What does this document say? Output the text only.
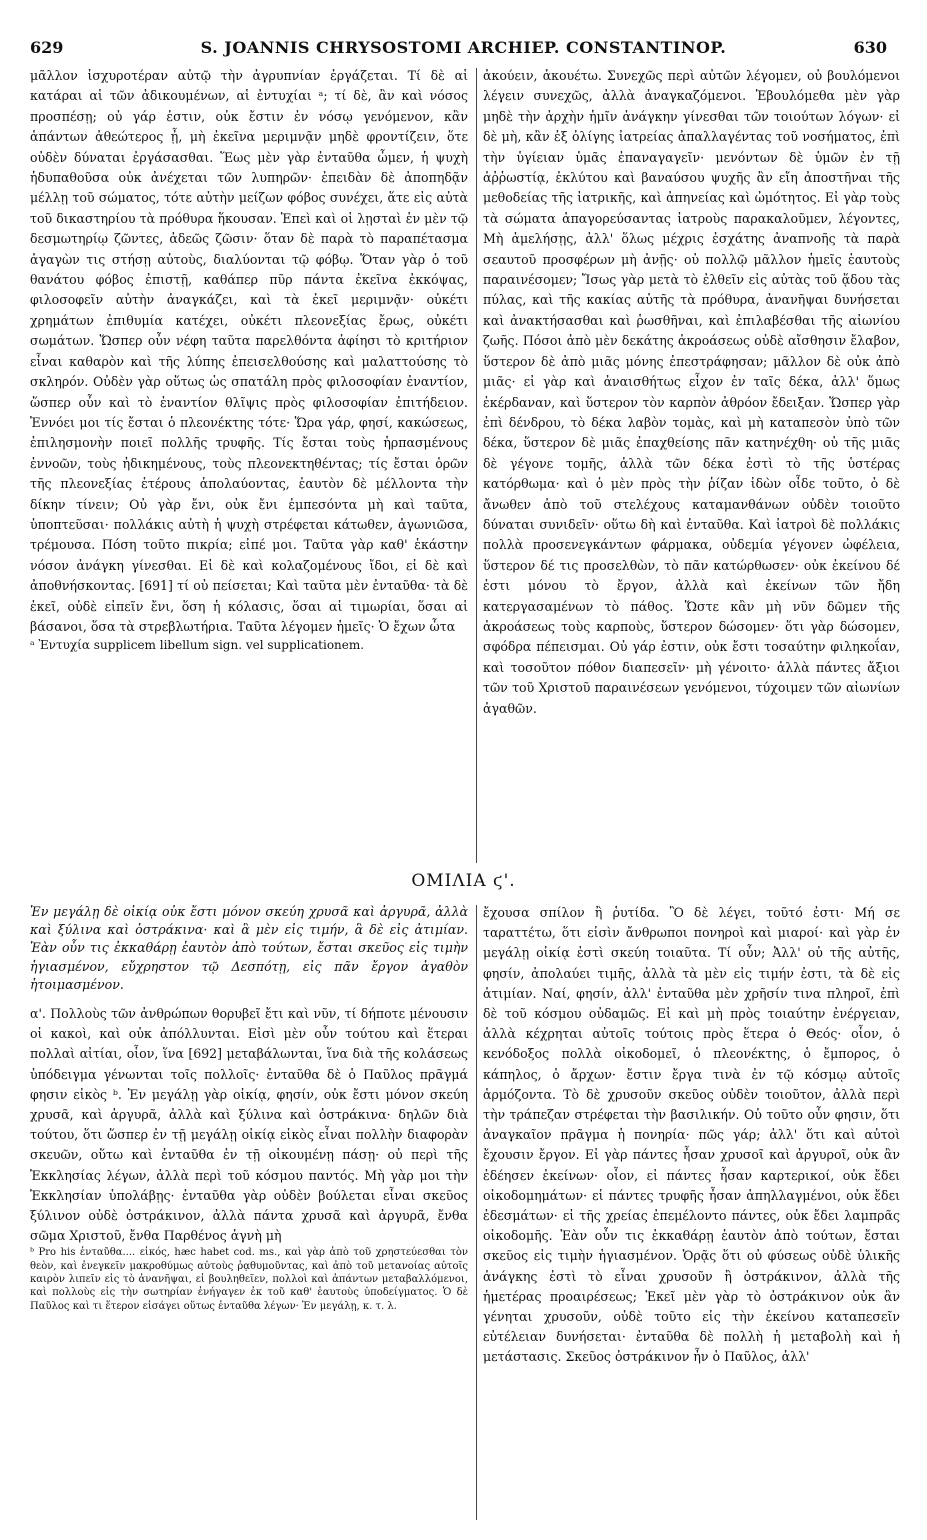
629	S. JOANNIS CHRYSOSTOMI ARCHIEP. CONSTANTINOP.	630

μᾶλλον ἰσχυροτέραν αὐτῷ τὴν ἀγρυπνίαν ἐργάζεται. Τί δὲ αἱ κατάραι αἱ τῶν ἀδικουμένων, αἱ ἐντυχίαι ᵃ; τί δὲ, ἂν καὶ νόσος προσπέσῃ; οὐ γάρ ἐστιν, οὐκ ἔστιν ἐν νόσῳ γενόμενον, κἂν ἁπάντων ἀθεώτερος ᾖ, μὴ ἐκεῖνα μεριμνᾷν μηδὲ φροντίζειν, ὅτε οὐδὲν δύναται ἐργάσασθαι. Ἕως μὲν γὰρ ἐνταῦθα ὦμεν, ἡ ψυχὴ ἡδυπαθοῦσα οὐκ ἀνέχεται τῶν λυπηρῶν· ἐπειδὰν δὲ ἀποπηδᾷν μέλλῃ τοῦ σώματος, τότε αὐτὴν μείζων φόβος συνέχει, ἅτε εἰς αὐτὰ τοῦ δικαστηρίου τὰ πρόθυρα ἥκουσαν. Ἐπεὶ καὶ οἱ λῃσταὶ ἐν μὲν τῷ δεσμωτηρίῳ ζῶντες, ἀδεῶς ζῶσιν· ὅταν δὲ παρὰ τὸ παραπέτασμα ἀγαγὼν τις στήσῃ αὐτοὺς, διαλύονται τῷ φόβῳ. Ὅταν γὰρ ὁ τοῦ θανάτου φόβος ἐπιστῇ, καθάπερ πῦρ πάντα ἐκεῖνα ἐκκόψας, φιλοσοφεῖν αὐτὴν ἀναγκάζει, καὶ τὰ ἐκεῖ μεριμνᾷν· οὐκέτι χρημάτων ἐπιθυμία κατέχει, οὐκέτι πλεονεξίας ἔρως, οὐκέτι σωμάτων. Ὥσπερ οὖν νέφη ταῦτα παρελθόντα ἀφίησι τὸ κριτήριον εἶναι καθαρὸν καὶ τῆς λύπης ἐπεισελθούσης καὶ μαλαττούσης τὸ σκληρόν. Οὐδὲν γὰρ οὕτως ὡς σπατάλη πρὸς φιλοσοφίαν ἐναντίον, ὥσπερ οὖν καὶ τὸ ἐναντίον θλῖψις πρὸς φιλοσοφίαν ἐπιτήδειον. Ἐννόει μοι τίς ἔσται ὁ πλεονέκτης τότε· Ὥρα γάρ, φησί, κακώσεως, ἐπιλησμονὴν ποιεῖ πολλῆς τρυφῆς. Τίς ἔσται τοὺς ἡρπασμένους ἐννοῶν, τοὺς ἠδικημένους, τοὺς πλεονεκτηθέντας; τίς ἔσται ὁρῶν τῆς πλεονεξίας ἑτέρους ἀπολαύοντας, ἑαυτὸν δὲ μέλλοντα τὴν δίκην τίνειν; Οὐ γὰρ ἔνι, οὐκ ἔνι ἐμπεσόντα μὴ καὶ ταῦτα, ὑποπτεῦσαι· πολλάκις αὐτὴ ἡ ψυχὴ στρέφεται κάτωθεν, ἀγωνιῶσα, τρέμουσα. Πόση τοῦτο πικρία; εἰπέ μοι. Ταῦτα γὰρ καθ' ἑκάστην νόσον ἀνάγκη γίνεσθαι. Εἰ δὲ καὶ κολαζομένους ἴδοι, εἰ δὲ καὶ ἀποθνήσκοντας. [691] τί οὐ πείσεται; Καὶ ταῦτα μὲν ἐνταῦθα· τὰ δὲ ἐκεῖ, οὐδὲ εἰπεῖν ἔνι, ὅση ἡ κόλασις, ὅσαι αἱ τιμωρίαι, ὅσαι αἱ βάσανοι, ὅσα τὰ στρεβλωτήρια. Ταῦτα λέγομεν ἡμεῖς· Ὁ ἔχων ὦτα

ᵃ Ἐντυχία supplicem libellum sign. vel supplicationem.

ἀκούειν, ἀκουέτω. Συνεχῶς περὶ αὐτῶν λέγομεν, οὐ βουλόμενοι λέγειν συνεχῶς, ἀλλὰ ἀναγκαζόμενοι. Ἐβουλόμεθα μὲν γὰρ μηδὲ τὴν ἀρχὴν ἡμῖν ἀνάγκην γίνεσθαι τῶν τοιούτων λόγων· εἰ δὲ μὴ, κἂν ἐξ ὀλίγης ἰατρείας ἀπαλλαγέντας τοῦ νοσήματος, ἐπὶ τὴν ὑγίειαν ὑμᾶς ἐπαναγαγεῖν· μενόντων δὲ ὑμῶν ἐν τῇ ἀῤῥωστίᾳ, ἐκλύτου καὶ βαναύσου ψυχῆς ἂν εἴη ἀποστῆναι τῆς μεθοδείας τῆς ἰατρικῆς, καὶ ἀπηνείας καὶ ὠμότητος. Εἰ γὰρ τοὺς τὰ σώματα ἀπαγορεύσαντας ἰατροὺς παρακαλοῦμεν, λέγοντες, Μὴ ἀμελήσῃς, ἀλλ' ὅλως μέχρις ἐσχάτης ἀναπνοῆς τὰ παρὰ σεαυτοῦ προσφέρων μὴ ἀνῇς· οὐ πολλῷ μᾶλλον ἡμεῖς ἑαυτοὺς παραινέσομεν; Ἴσως γὰρ μετὰ τὸ ἐλθεῖν εἰς αὐτὰς τοῦ ᾅδου τὰς πύλας, καὶ τῆς κακίας αὐτῆς τὰ πρόθυρα, ἀνανῆψαι δυνήσεται καὶ ἀνακτήσασθαι καὶ ῥωσθῆναι, καὶ ἐπιλαβέσθαι τῆς αἰωνίου ζωῆς. Πόσοι ἀπὸ μὲν δεκάτης ἀκροάσεως οὐδὲ αἴσθησιν ἔλαβον, ὕστερον δὲ ἀπὸ μιᾶς μόνης ἐπεστράφησαν; μᾶλλον δὲ οὐκ ἀπὸ μιᾶς· εἰ γὰρ καὶ ἀναισθήτως εἶχον ἐν ταῖς δέκα, ἀλλ' ὅμως ἐκέρδαναν, καὶ ὕστερον τὸν καρπὸν ἀθρόον ἔδειξαν. Ὥσπερ γὰρ ἐπὶ δένδρου, τὸ δέκα λαβὸν τομὰς, καὶ μὴ καταπεσὸν ὑπὸ τῶν δέκα, ὕστερον δὲ μιᾶς ἐπαχθείσης πᾶν κατηνέχθη· οὐ τῆς μιᾶς δὲ γέγονε τομῆς, ἀλλὰ τῶν δέκα ἐστὶ τὸ τῆς ὑστέρας κατόρθωμα· καὶ ὁ μὲν πρὸς τὴν ῥίζαν ἰδὼν οἶδε τοῦτο, ὁ δὲ ἄνωθεν ἀπὸ τοῦ στελέχους καταμανθάνων οὐδὲν τοιοῦτο δύναται συνιδεῖν· οὕτω δὴ καὶ ἐνταῦθα. Καὶ ἰατροὶ δὲ πολλάκις πολλὰ προσενεγκάντων φάρμακα, οὐδεμία γέγονεν ὠφέλεια, ὕστερον δέ τις προσελθὼν, τὸ πᾶν κατώρθωσεν· οὐκ ἐκείνου δέ ἐστι μόνου τὸ ἔργον, ἀλλὰ καὶ ἐκείνων τῶν ἤδη κατεργασαμένων τὸ πάθος. Ὥστε κἂν μὴ νῦν δῶμεν τῆς ἀκροάσεως τοὺς καρποὺς, ὕστερον δώσομεν· ὅτι γὰρ δώσομεν, σφόδρα πέπεισμαι. Οὐ γάρ ἐστιν, οὐκ ἔστι τοσαύτην φιληκοΐαν, καὶ τοσοῦτον πόθον διαπεσεῖν· μὴ γένοιτο· ἀλλὰ πάντες ἄξιοι τῶν τοῦ Χριστοῦ παραινέσεων γενόμενοι, τύχοιμεν τῶν αἰωνίων ἀγαθῶν.

ΟΜΙΛΙΑ ϛ'.

Ἐν μεγάλῃ δὲ οἰκίᾳ οὐκ ἔστι μόνον σκεύη χρυσᾶ καὶ ἀργυρᾶ, ἀλλὰ καὶ ξύλινα καὶ ὀστράκινα· καὶ ἃ μὲν εἰς τιμήν, ἃ δὲ εἰς ἀτιμίαν. Ἐὰν οὖν τις ἐκκαθάρῃ ἑαυτὸν ἀπὸ τούτων, ἔσται σκεῦος εἰς τιμὴν ἡγιασμένον, εὔχρηστον τῷ Δεσπότῃ, εἰς πᾶν ἔργον ἀγαθὸν ἡτοιμασμένον.

α'. Πολλοὺς τῶν ἀνθρώπων θορυβεῖ ἔτι καὶ νῦν, τί δήποτε μένουσιν οἱ κακοὶ, καὶ οὐκ ἀπόλλυνται. Εἰσὶ μὲν οὖν τούτου καὶ ἕτεραι πολλαὶ αἰτίαι, οἷον, ἵνα [692] μεταβάλωνται, ἵνα διὰ τῆς κολάσεως ὑπόδειγμα γένωνται τοῖς πολλοῖς· ἐνταῦθα δὲ ὁ Παῦλος πρᾶγμά φησιν εἰκὸς ᵇ. Ἐν μεγάλῃ γὰρ οἰκίᾳ, φησίν, οὐκ ἔστι μόνον σκεύη χρυσᾶ, καὶ ἀργυρᾶ, ἀλλὰ καὶ ξύλινα καὶ ὀστράκινα· δηλῶν διὰ τούτου, ὅτι ὥσπερ ἐν τῇ μεγάλῃ οἰκίᾳ εἰκὸς εἶναι πολλὴν διαφορὰν σκευῶν, οὕτω καὶ ἐνταῦθα ἐν τῇ οἰκουμένῃ πάσῃ· οὐ περὶ τῆς Ἐκκλησίας λέγων, ἀλλὰ περὶ τοῦ κόσμου παντός. Μὴ γὰρ μοι τὴν Ἐκκλησίαν ὑπολάβῃς· ἐνταῦθα γὰρ οὐδὲν βούλεται εἶναι σκεῦος ξύλινον οὐδὲ ὀστράκινον, ἀλλὰ πάντα χρυσᾶ καὶ ἀργυρᾶ, ἔνθα σῶμα Χριστοῦ, ἔνθα Παρθένος ἁγνὴ μὴ

ᵇ Pro his ἐνταῦθα.... εἰκός, hæc habet cod. ms., καὶ γὰρ ἀπὸ τοῦ χρηστεύεσθαι τὸν θεὸν, καὶ ἐνεγκεῖν μακροθύμως αὐτοὺς ῥᾳθυμοῦντας, καὶ ἀπὸ τοῦ μετανοίας αὐτοῖς καιρὸν λιπεῖν εἰς τὸ ἀνανῆψαι, εἰ βουληθεῖεν, πολλοὶ καὶ ἀπάντων μεταβαλλόμενοι, καὶ πολλοὺς εἰς τὴν σωτηρίαν ἐνήγαγεν ἐκ τοῦ καθ' ἑαυτοὺς ὑποδείγματος. Ὁ δὲ Παῦλος καὶ τι ἕτερον εἰσάγει οὕτως ἐνταῦθα λέγων· Ἐν μεγάλῃ, κ. τ. λ.

ἔχουσα σπίλον ἢ ῥυτίδα. Ὃ δὲ λέγει, τοῦτό ἐστι· Μή σε ταραττέτω, ὅτι εἰσὶν ἄνθρωποι πονηροὶ καὶ μιαροί· καὶ γὰρ ἐν μεγάλῃ οἰκίᾳ ἐστὶ σκεύη τοιαῦτα. Τί οὖν; Ἀλλ' οὐ τῆς αὐτῆς, φησίν, ἀπολαύει τιμῆς, ἀλλὰ τὰ μὲν εἰς τιμήν ἐστι, τὰ δὲ εἰς ἀτιμίαν. Ναί, φησίν, ἀλλ' ἐνταῦθα μὲν χρῆσίν τινα πληροῖ, ἐπὶ δὲ τοῦ κόσμου οὐδαμῶς. Εἰ καὶ μὴ πρὸς τοιαύτην ἐνέργειαν, ἀλλὰ κέχρηται αὐτοῖς τούτοις πρὸς ἕτερα ὁ Θεός· οἷον, ὁ κενόδοξος πολλὰ οἰκοδομεῖ, ὁ πλεονέκτης, ὁ ἔμπορος, ὁ κάπηλος, ὁ ἄρχων· ἔστιν ἔργα τινὰ ἐν τῷ κόσμῳ αὐτοῖς ἁρμόζοντα. Τὸ δὲ χρυσοῦν σκεῦος οὐδὲν τοιοῦτον, ἀλλὰ περὶ τὴν τράπεζαν στρέφεται τὴν βασιλικήν. Οὐ τοῦτο οὖν φησιν, ὅτι ἀναγκαῖον πρᾶγμα ἡ πονηρία· πῶς γάρ; ἀλλ' ὅτι καὶ αὐτοὶ ἔχουσιν ἔργον. Εἰ γὰρ πάντες ἦσαν χρυσοῖ καὶ ἀργυροῖ, οὐκ ἂν ἐδέησεν ἐκείνων· οἷον, εἰ πάντες ἦσαν καρτερικοί, οὐκ ἔδει οἰκοδομημάτων· εἰ πάντες τρυφῆς ἦσαν ἀπηλλαγμένοι, οὐκ ἔδει ἐδεσμάτων· εἰ τῆς χρείας ἐπεμέλοντο πάντες, οὐκ ἔδει λαμπρᾶς οἰκοδομῆς. Ἐὰν οὖν τις ἐκκαθάρῃ ἑαυτὸν ἀπὸ τούτων, ἔσται σκεῦος εἰς τιμὴν ἡγιασμένον. Ὁρᾷς ὅτι οὐ φύσεως οὐδὲ ὑλικῆς ἀνάγκης ἐστὶ τὸ εἶναι χρυσοῦν ἢ ὀστράκινον, ἀλλὰ τῆς ἡμετέρας προαιρέσεως; Ἐκεῖ μὲν γὰρ τὸ ὀστράκινον οὐκ ἂν γένηται χρυσοῦν, οὐδὲ τοῦτο εἰς τὴν ἐκείνου καταπεσεῖν εὐτέλειαν δυνήσεται· ἐνταῦθα δὲ πολλὴ ἡ μεταβολὴ καὶ ἡ μετάστασις. Σκεῦος ὀστράκινον ἦν ὁ Παῦλος, ἀλλ'
